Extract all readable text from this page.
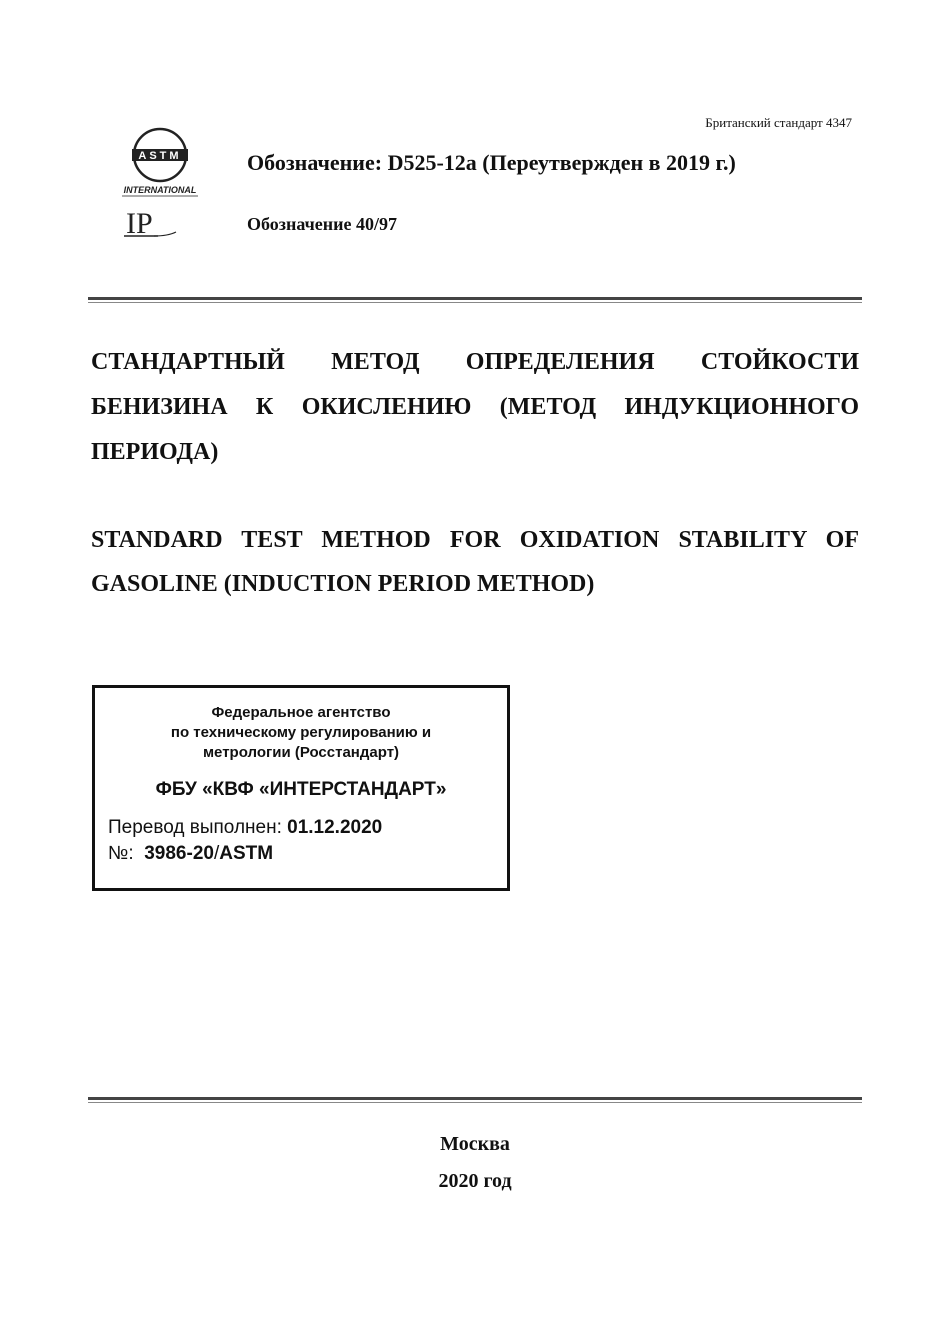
Британский стандарт 4347
ASTM
INTERNATIONAL
IP
Обозначение: D525-12a (Переутвержден в 2019 г.)
Обозначение 40/97

СТАНДАРТНЫЙ МЕТОД ОПРЕДЕЛЕНИЯ СТОЙКОСТИ БЕНИЗИНА К ОКИСЛЕНИЮ (МЕТОД ИНДУКЦИОННОГО ПЕРИОДА)

STANDARD TEST METHOD FOR OXIDATION STABILITY OF GASOLINE (INDUCTION PERIOD METHOD)

Федеральное агентство
по техническому регулированию и
метрологии (Росстандарт)
ФБУ «КВФ «ИНТЕРСТАНДАРТ»
Перевод выполнен: 01.12.2020
№: 3986-20/ASTM
Москва
2020 год
